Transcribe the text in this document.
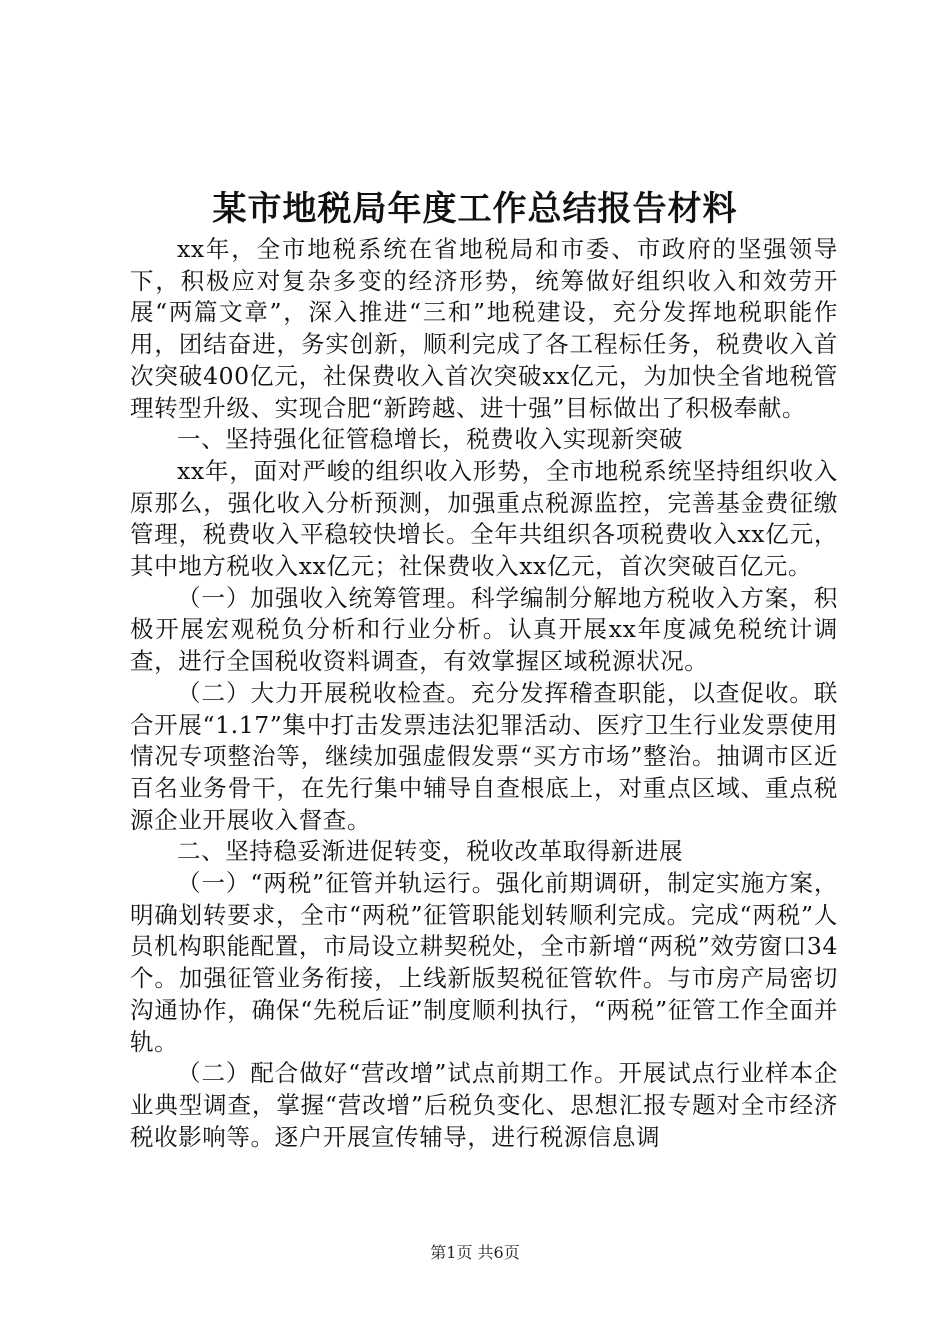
某市地税局年度工作总结报告材料

xx年，全市地税系统在省地税局和市委、市政府的坚强领导下，积极应对复杂多变的经济形势，统筹做好组织收入和效劳开展“两篇文章”，深入推进“三和”地税建设，充分发挥地税职能作用，团结奋进，务实创新，顺利完成了各工程标任务，税费收入首次突破400亿元，社保费收入首次突破xx亿元，为加快全省地税管理转型升级、实现合肥“新跨越、进十强”目标做出了积极奉献。

一、坚持强化征管稳增长，税费收入实现新突破

xx年，面对严峻的组织收入形势，全市地税系统坚持组织收入原那么，强化收入分析预测，加强重点税源监控，完善基金费征缴管理，税费收入平稳较快增长。全年共组织各项税费收入xx亿元，其中地方税收入xx亿元；社保费收入xx亿元，首次突破百亿元。

（一）加强收入统筹管理。科学编制分解地方税收入方案，积极开展宏观税负分析和行业分析。认真开展xx年度减免税统计调查，进行全国税收资料调查，有效掌握区域税源状况。

（二）大力开展税收检查。充分发挥稽查职能，以查促收。联合开展“1.17”集中打击发票违法犯罪活动、医疗卫生行业发票使用情况专项整治等，继续加强虚假发票“买方市场”整治。抽调市区近百名业务骨干，在先行集中辅导自查根底上，对重点区域、重点税源企业开展收入督查。

二、坚持稳妥渐进促转变，税收改革取得新进展

（一）“两税”征管并轨运行。强化前期调研，制定实施方案，明确划转要求，全市“两税”征管职能划转顺利完成。完成“两税”人员机构职能配置，市局设立耕契税处，全市新增“两税”效劳窗口34个。加强征管业务衔接，上线新版契税征管软件。与市房产局密切沟通协作，确保“先税后证”制度顺利执行，“两税”征管工作全面并轨。

（二）配合做好“营改增”试点前期工作。开展试点行业样本企业典型调查，掌握“营改增”后税负变化、思想汇报专题对全市经济税收影响等。逐户开展宣传辅导，进行税源信息调

第1页 共6页
